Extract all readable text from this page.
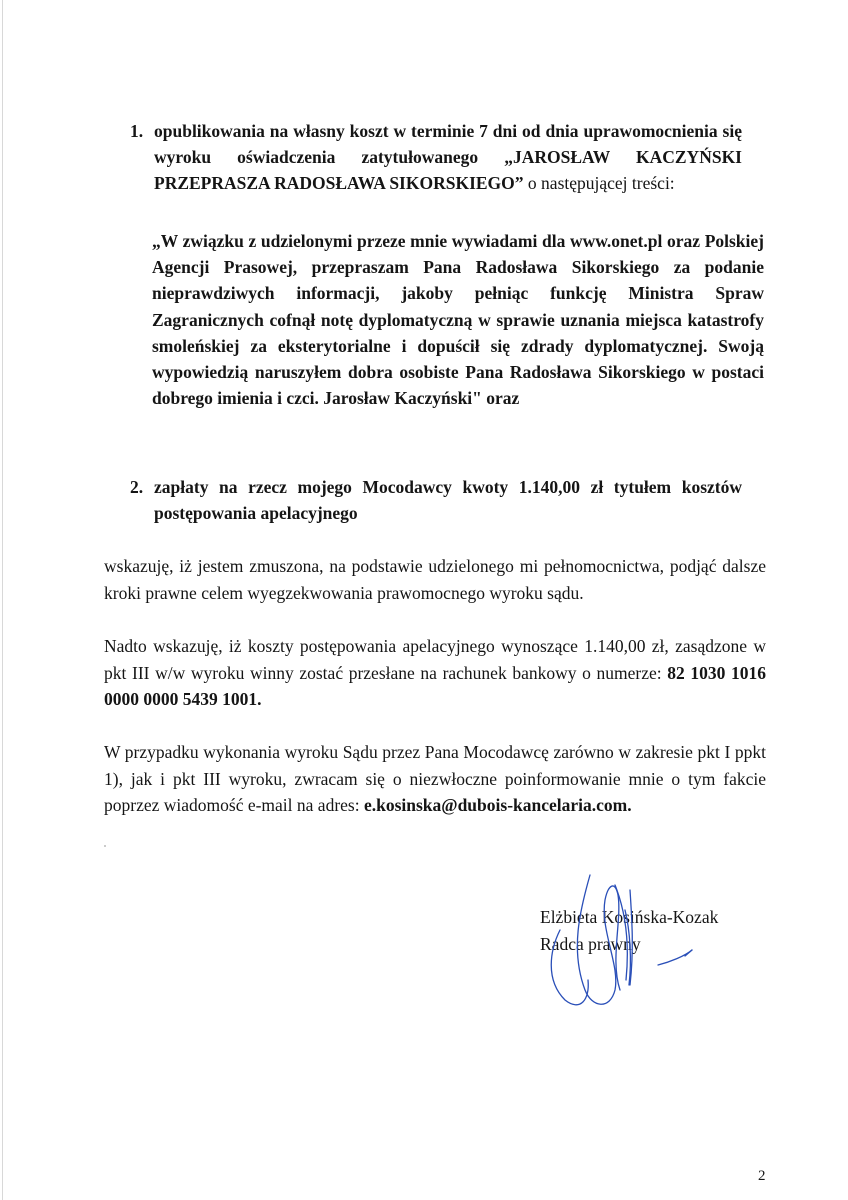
1. opublikowania na własny koszt w terminie 7 dni od dnia uprawomocnienia się wyroku oświadczenia zatytułowanego „JAROSŁAW KACZYŃSKI PRZEPRASZA RADOSŁAWA SIKORSKIEGO” o następującej treści:
„W związku z udzielonymi przeze mnie wywiadami dla www.onet.pl oraz Polskiej Agencji Prasowej, przepraszam Pana Radosława Sikorskiego za podanie nieprawdziwych informacji, jakoby pełniąc funkcję Ministra Spraw Zagranicznych cofnął notę dyplomatyczną w sprawie uznania miejsca katastrofy smoleńskiej za eksterytorialne i dopuścił się zdrady dyplomatycznej. Swoją wypowiedzią naruszyłem dobra osobiste Pana Radosława Sikorskiego w postaci dobrego imienia i czci. Jarosław Kaczyński" oraz
2. zapłaty na rzecz mojego Mocodawcy kwoty 1.140,00 zł tytułem kosztów postępowania apelacyjnego
wskazuję, iż jestem zmuszona, na podstawie udzielonego mi pełnomocnictwa, podjąć dalsze kroki prawne celem wyegzekwowania prawomocnego wyroku sądu.
Nadto wskazuję, iż koszty postępowania apelacyjnego wynoszące 1.140,00 zł, zasądzone w pkt III w/w wyroku winny zostać przesłane na rachunek bankowy o numerze: 82 1030 1016 0000 0000 5439 1001.
W przypadku wykonania wyroku Sądu przez Pana Mocodawcę zarówno w zakresie pkt I ppkt 1), jak i pkt III wyroku, zwracam się o niezwłoczne poinformowanie mnie o tym fakcie poprzez wiadomość e-mail na adres: e.kosinska@dubois-kancelaria.com.
Elżbieta Kosińska-Kozak
Radca prawny
2
